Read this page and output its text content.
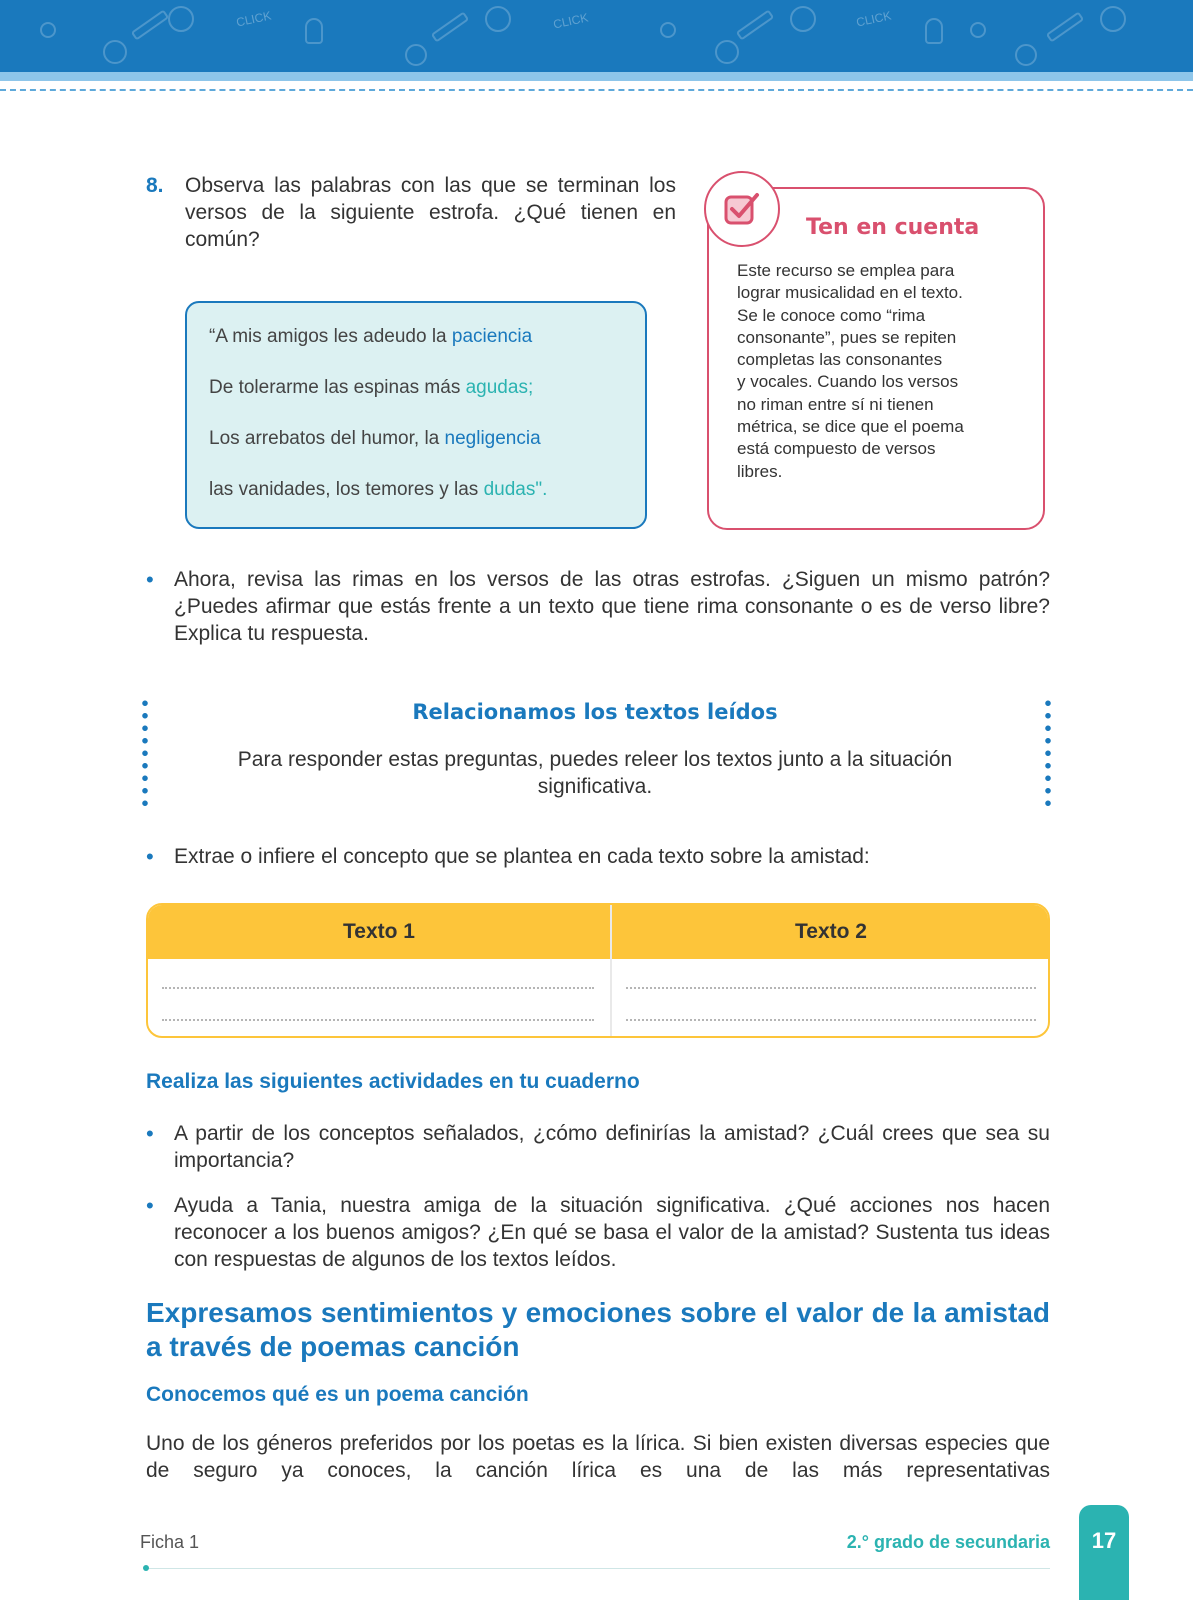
CLICK	CLICK	CLICK
8.	Observa las palabras con las que se terminan los versos de la siguiente estrofa. ¿Qué tienen en común?
“A mis amigos les adeudo la paciencia
De tolerarme las espinas más agudas;
Los arrebatos del humor, la negligencia
las vanidades, los temores y las dudas".
Ten en cuenta
Este recurso se emplea para
lograr musicalidad en el texto.
Se le conoce como “rima
consonante”, pues se repiten
completas las consonantes
y vocales. Cuando los versos
no riman entre sí ni tienen
métrica, se dice que el poema
está compuesto de versos
libres.
• Ahora, revisa las rimas en los versos de las otras estrofas. ¿Siguen un mismo patrón? ¿Puedes afirmar que estás frente a un texto que tiene rima consonante o es de verso libre? Explica tu respuesta.
Relacionamos los textos leídos
Para responder estas preguntas, puedes releer los textos junto a la situación significativa.
• Extrae o infiere el concepto que se plantea en cada texto sobre la amistad:
Texto 1	Texto 2
Realiza las siguientes actividades en tu cuaderno
• A partir de los conceptos señalados, ¿cómo definirías la amistad? ¿Cuál crees que sea su importancia?
• Ayuda a Tania, nuestra amiga de la situación significativa. ¿Qué acciones nos hacen reconocer a los buenos amigos? ¿En qué se basa el valor de la amistad? Sustenta tus ideas con respuestas de algunos de los textos leídos.
Expresamos sentimientos y emociones sobre el valor de la amistad a través de poemas canción
Conocemos qué es un poema canción
Uno de los géneros preferidos por los poetas es la lírica. Si bien existen diversas especies que de seguro ya conoces, la canción lírica es una de las más representativas
Ficha 1	2.° grado de secundaria	17
